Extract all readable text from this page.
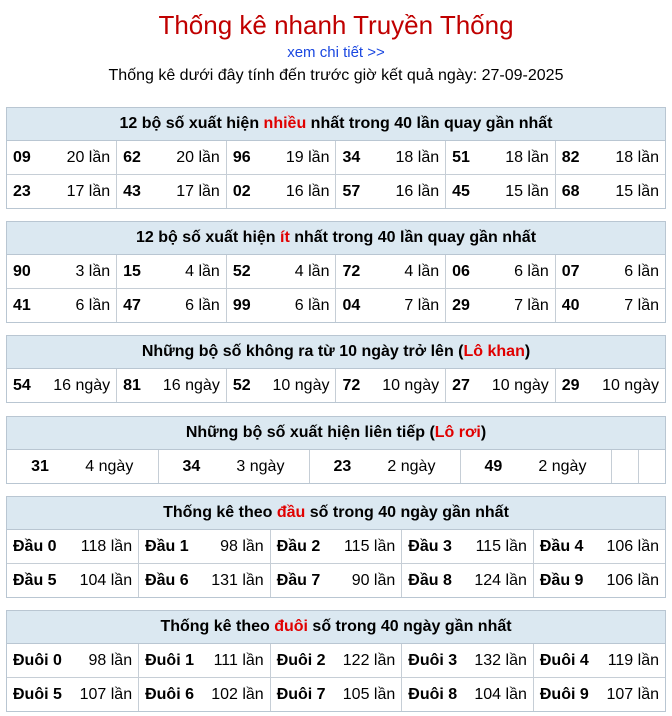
Thống kê nhanh Truyền Thống
xem chi tiết >>
Thống kê dưới đây tính đến trước giờ kết quả ngày: 27-09-2025
12 bộ số xuất hiện nhiều nhất trong 40 lần quay gần nhất
09 20 lần	62 20 lần	96 19 lần	34 18 lần	51 18 lần	82 18 lần

23 17 lần	43 17 lần	02 16 lần	57 16 lần	45 15 lần	68 15 lần
12 bộ số xuất hiện ít nhất trong 40 lần quay gần nhất
90 3 lần	15 4 lần	52 4 lần	72 4 lần	06 6 lần	07 6 lần

41 6 lần	47 6 lần	99 6 lần	04 7 lần	29 7 lần	40 7 lần
Những bộ số không ra từ 10 ngày trở lên (Lô khan)
54 16 ngày	81 16 ngày	52 10 ngày	72 10 ngày	27 10 ngày	29 10 ngày
Những bộ số xuất hiện liên tiếp (Lô rơi)
31 4 ngày	34 3 ngày	23 2 ngày	49 2 ngày

Thống kê theo đầu số trong 40 ngày gần nhất
Đầu 0 118 lần	Đầu 1 98 lần	Đầu 2 115 lần	Đầu 3 115 lần	Đầu 4 106 lần

Đầu 5 104 lần	Đầu 6 131 lần	Đầu 7 90 lần	Đầu 8 124 lần	Đầu 9 106 lần
Thống kê theo đuôi số trong 40 ngày gần nhất
Đuôi 0 98 lần	Đuôi 1 111 lần	Đuôi 2 122 lần	Đuôi 3 132 lần	Đuôi 4 119 lần

Đuôi 5 107 lần	Đuôi 6 102 lần	Đuôi 7 105 lần	Đuôi 8 104 lần	Đuôi 9 107 lần
